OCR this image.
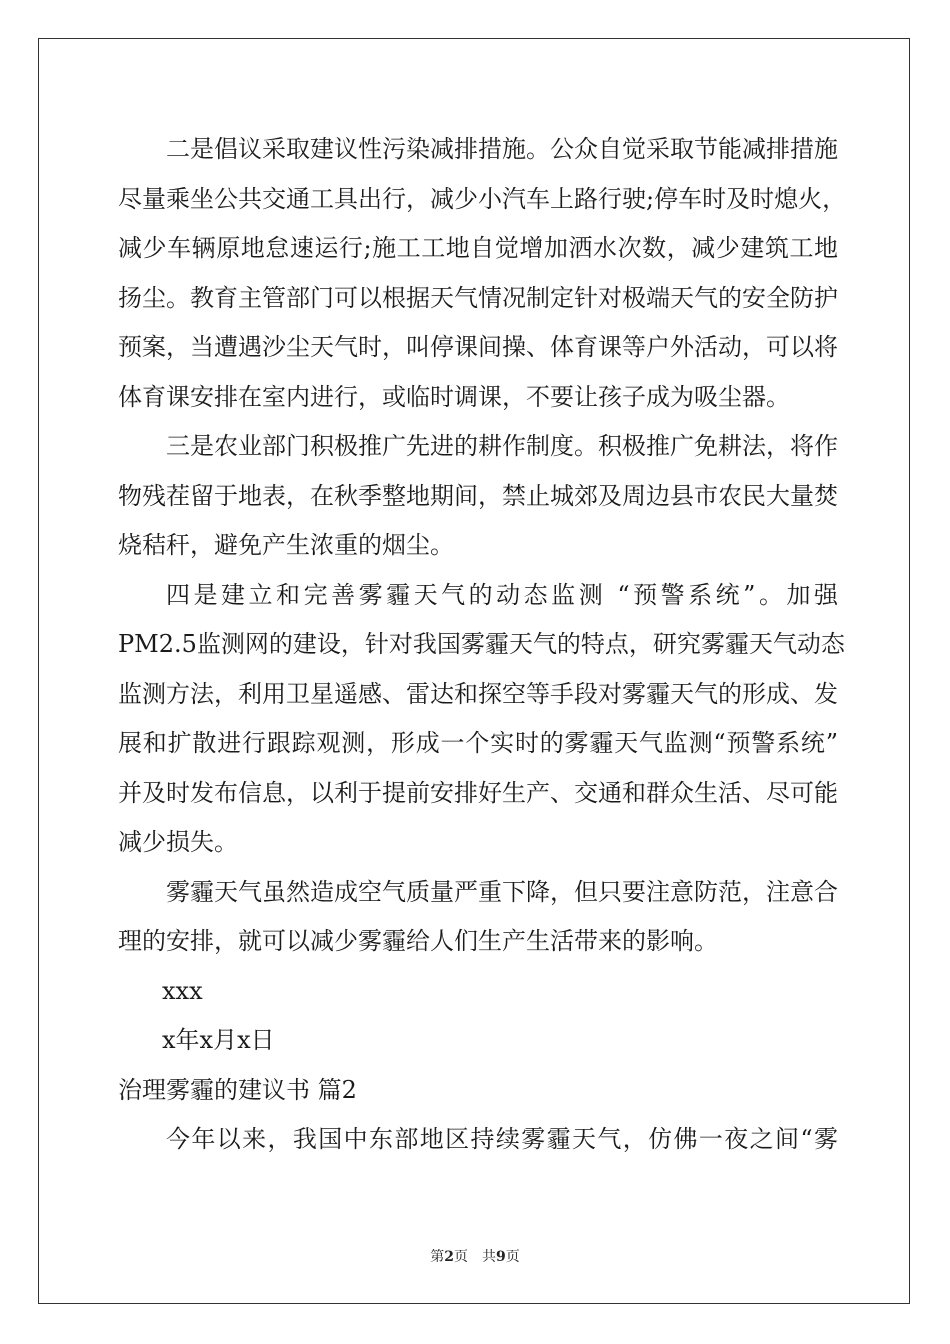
二是倡议采取建议性污染减排措施。公众自觉采取节能减排措施
尽量乘坐公共交通工具出行，减少小汽车上路行驶;停车时及时熄火，
减少车辆原地怠速运行;施工工地自觉增加洒水次数，减少建筑工地
扬尘。教育主管部门可以根据天气情况制定针对极端天气的安全防护
预案，当遭遇沙尘天气时，叫停课间操、体育课等户外活动，可以将
体育课安排在室内进行，或临时调课，不要让孩子成为吸尘器。
三是农业部门积极推广先进的耕作制度。积极推广免耕法，将作
物残茬留于地表，在秋季整地期间，禁止城郊及周边县市农民大量焚
烧秸秆，避免产生浓重的烟尘。
四是建立和完善雾霾天气的动态监测 “预警系统”。加强
PM2.5监测网的建设，针对我国雾霾天气的特点，研究雾霾天气动态
监测方法，利用卫星遥感、雷达和探空等手段对雾霾天气的形成、发
展和扩散进行跟踪观测，形成一个实时的雾霾天气监测“预警系统”
并及时发布信息，以利于提前安排好生产、交通和群众生活、尽可能
减少损失。
雾霾天气虽然造成空气质量严重下降，但只要注意防范，注意合
理的安排，就可以减少雾霾给人们生产生活带来的影响。
xxx
x年x月x日
治理雾霾的建议书 篇2
今年以来，我国中东部地区持续雾霾天气，仿佛一夜之间“雾
第2页 共9页
